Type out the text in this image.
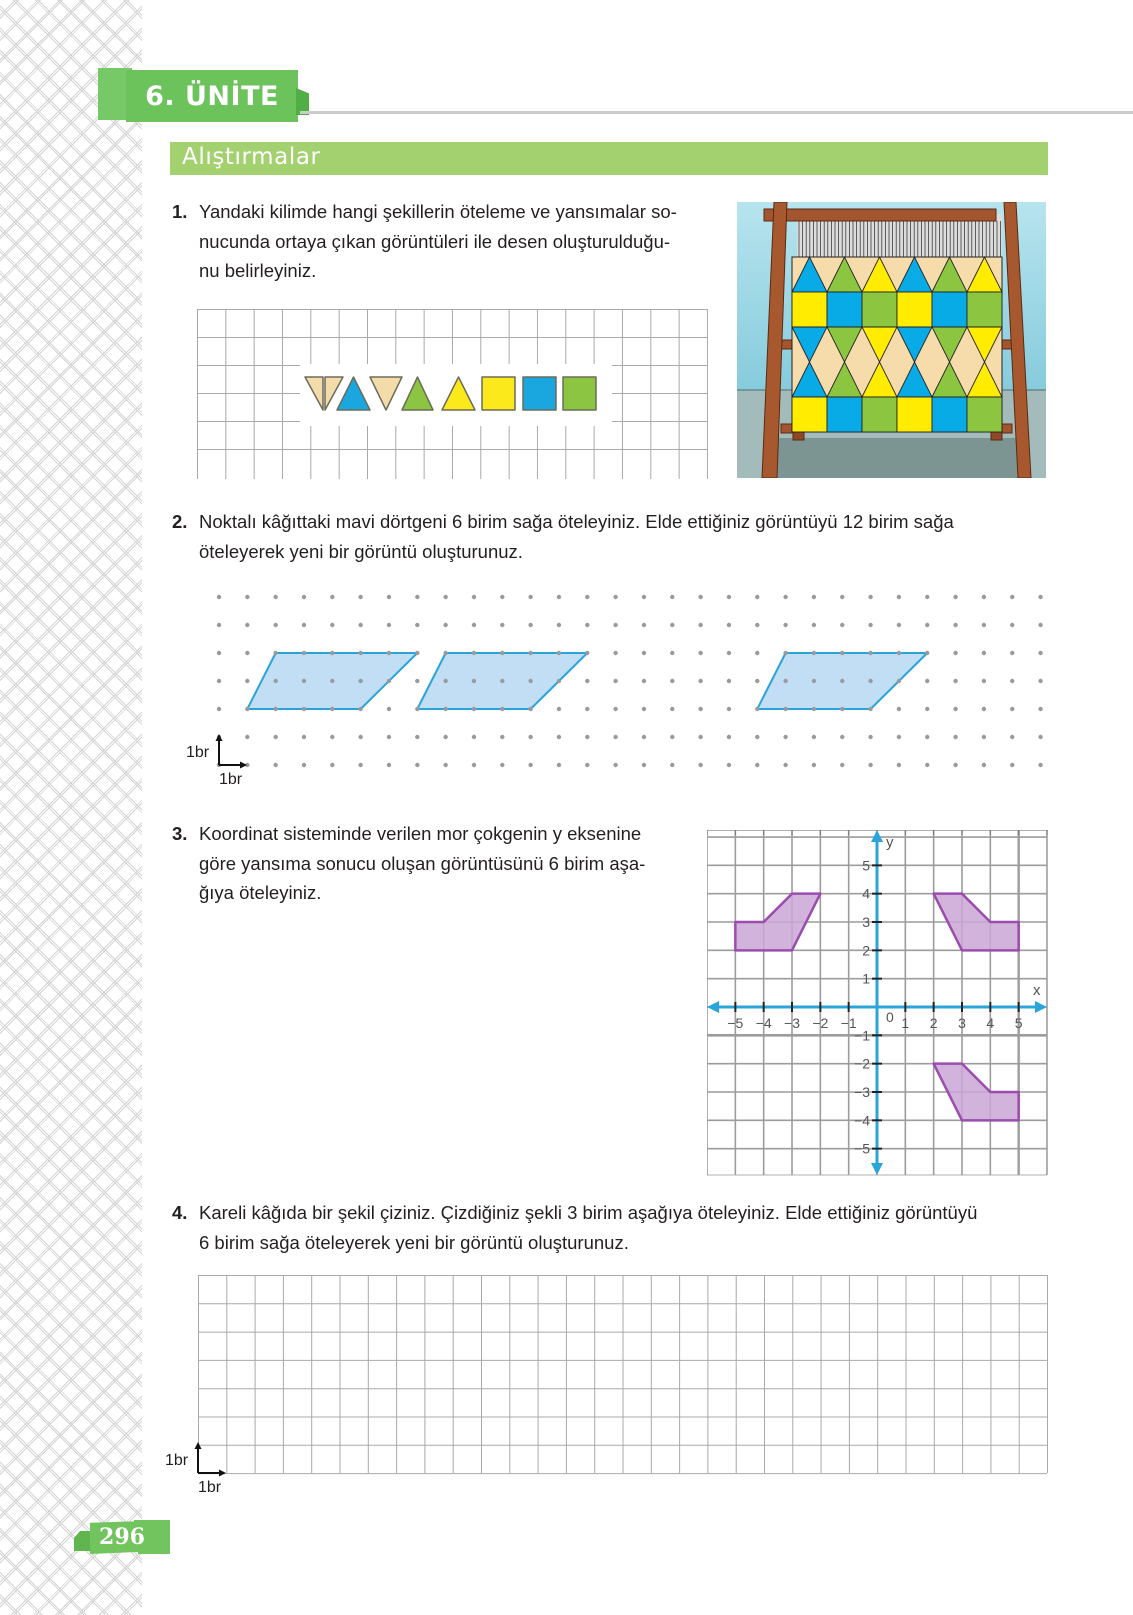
6. ÜNİTE
Alıştırmalar
1. Yandaki kilimde hangi şekillerin öteleme ve yansımalar so-
nucunda ortaya çıkan görüntüleri ile desen oluşturulduğu-
nu belirleyiniz.
2. Noktalı kâğıttaki mavi dörtgeni 6 birim sağa öteleyiniz. Elde ettiğiniz görüntüyü 12 birim sağa
öteleyerek yeni bir görüntü oluşturunuz.
1br
1br
3. Koordinat sisteminde verilen mor çokgenin y eksenine
göre yansıma sonucu oluşan görüntüsünü 6 birim aşa-
ğıya öteleyiniz.
−5 −4 −3 −2 −1	1 2 3 4 5
5
4
3
2
1
−1
−2
−3
−4
−5
0
x
y
4. Kareli kâğıda bir şekil çiziniz. Çizdiğiniz şekli 3 birim aşağıya öteleyiniz. Elde ettiğiniz görüntüyü
6 birim sağa öteleyerek yeni bir görüntü oluşturunuz.
1br
1br
296
